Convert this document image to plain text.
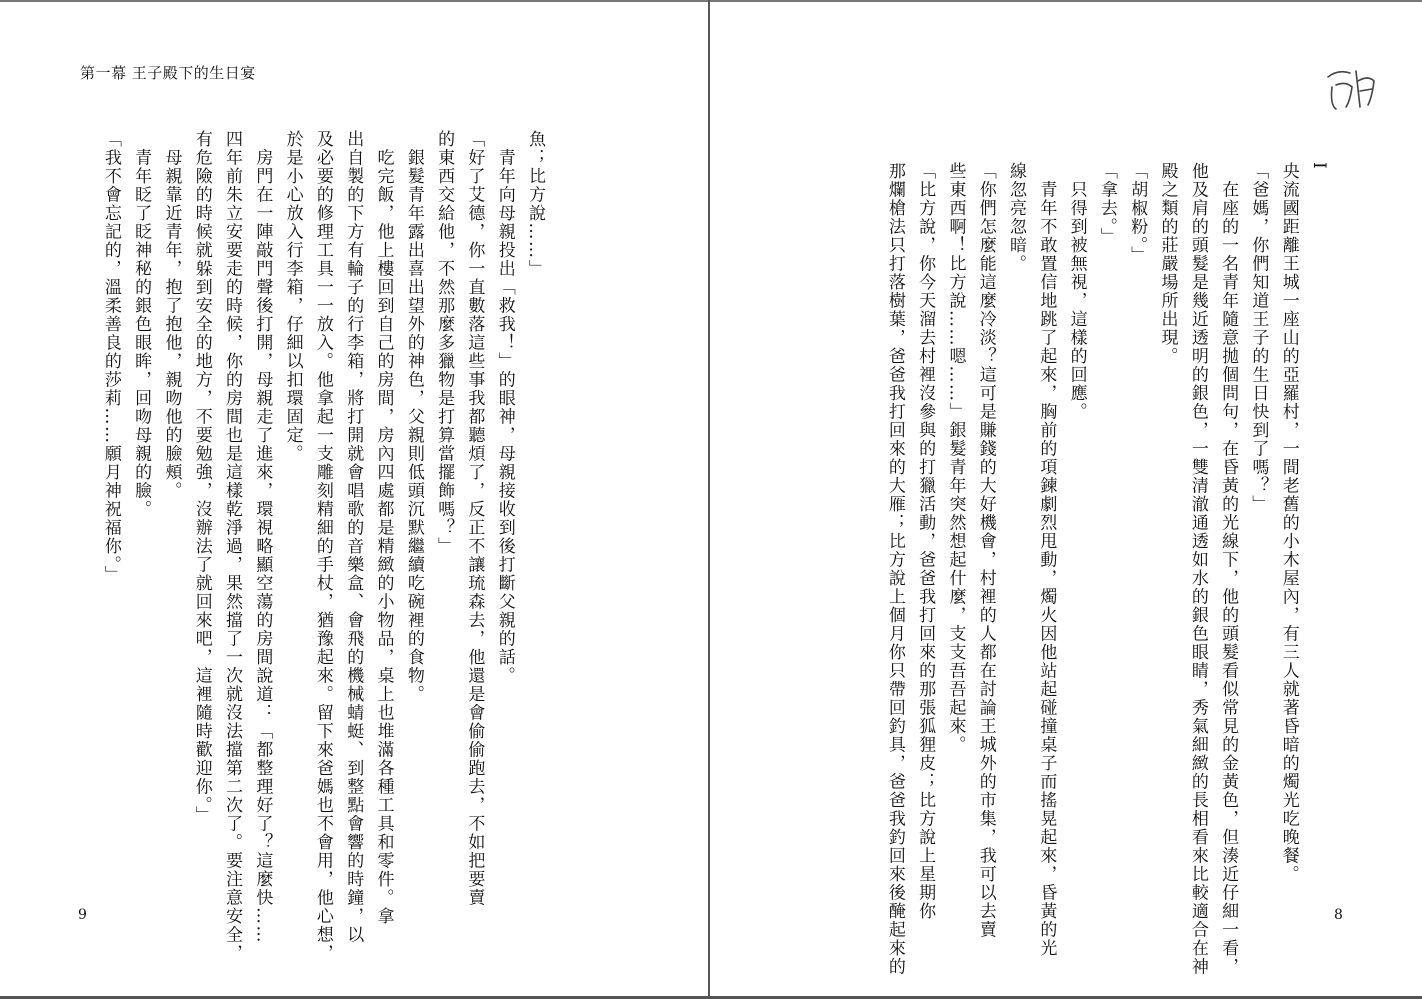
第一幕 王子殿下的生日宴

魚；比方說……」

　青年向母親投出「救我！」的眼神，母親接收到後打斷父親的話。

「好了艾德，你一直數落這些事我都聽煩了，反正不讓琉森去，他還是會偷偷跑去，不如把要賣

的東西交給他，不然那麼多獵物是打算當擺飾嗎？」

　銀髮青年露出喜出望外的神色，父親則低頭沉默繼續吃碗裡的食物。

　吃完飯，他上樓回到自己的房間，房內四處都是精緻的小物品，桌上也堆滿各種工具和零件。拿

出自製的下方有輪子的行李箱，將打開就會唱歌的音樂盒、會飛的機械蜻蜓、到整點會響的時鐘，以

及必要的修理工具一一放入。他拿起一支雕刻精細的手杖，猶豫起來。留下來爸媽也不會用，他心想，

於是小心放入行李箱，仔細以扣環固定。

　房門在一陣敲門聲後打開，母親走了進來，環視略顯空蕩的房間說道：「都整理好了？這麼快……

四年前朱立安要走的時候，你的房間也是這樣乾淨過，果然擋了一次就沒法擋第二次了。要注意安全，

有危險的時候就躲到安全的地方，不要勉強，沒辦法了就回來吧，這裡隨時歡迎你。」

　母親靠近青年，抱了抱他，親吻他的臉頰。

　青年眨了眨神秘的銀色眼眸，回吻母親的臉。

「我不會忘記的，溫柔善良的莎莉……願月神祝福你。」

9

I

央流國距離王城一座山的亞羅村，一間老舊的小木屋內，有三人就著昏暗的燭光吃晚餐。

「爸媽，你們知道王子的生日快到了嗎？」

　在座的一名青年隨意拋個問句，在昏黃的光線下，他的頭髮看似常見的金黃色，但湊近仔細一看，

他及肩的頭髮是幾近透明的銀色，一雙清澈通透如水的銀色眼睛，秀氣細緻的長相看來比較適合在神

殿之類的莊嚴場所出現。

「胡椒粉。」

「拿去。」

　只得到被無視，這樣的回應。

　青年不敢置信地跳了起來，胸前的項鍊劇烈甩動，燭火因他站起碰撞桌子而搖晃起來，昏黃的光

線忽亮忽暗。

「你們怎麼能這麼冷淡？這可是賺錢的大好機會，村裡的人都在討論王城外的市集，我可以去賣

些東西啊！比方說……嗯……」銀髮青年突然想起什麼，支支吾吾起來。

「比方說，你今天溜去村裡沒參與的打獵活動，爸爸我打回來的那張狐狸皮；比方說上星期你

那爛槍法只打落樹葉，爸爸我打回來的大雁；比方說上個月你只帶回釣具，爸爸我釣回來後醃起來的	8
